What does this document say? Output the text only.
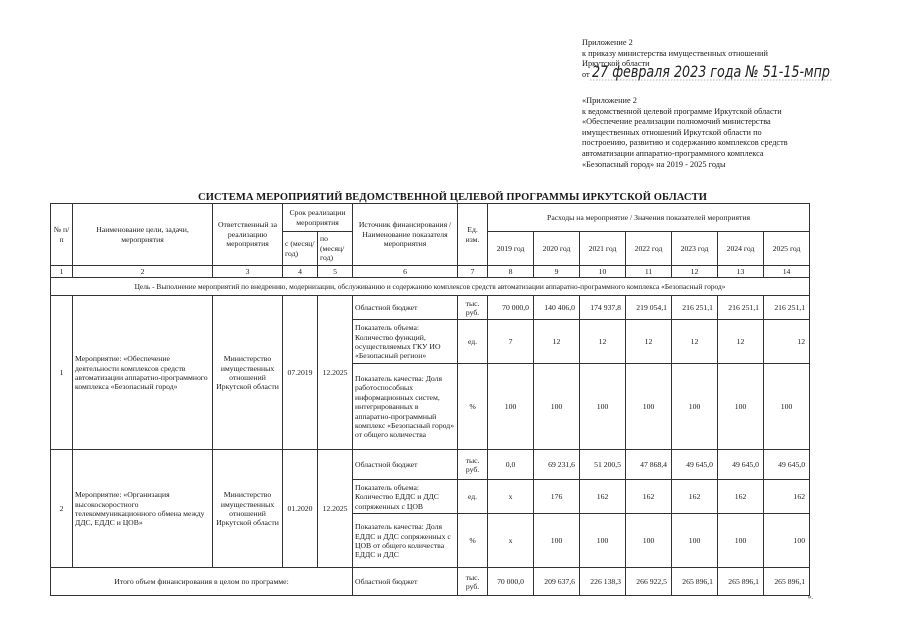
Приложение 2
к приказу министерства имущественных отношений
Иркутской области
от 27 февраля 2023 года № 51-15-мпр
«Приложение 2
к ведомственной целевой программе Иркутской области
«Обеспечение реализации полномочий министерства
имущественных отношений Иркутской области по
построению, развитию и содержанию комплексов средств
автоматизации аппаратно-программного комплекса
«Безопасный город» на 2019 - 2025 годы
СИСТЕМА МЕРОПРИЯТИЙ ВЕДОМСТВЕННОЙ ЦЕЛЕВОЙ ПРОГРАММЫ ИРКУТСКОЙ ОБЛАСТИ
№ п/п	Наименование цели, задачи, мероприятия	Ответственный за реализацию мероприятия	Срок реализации мероприятия		Источник финансирования / Наименование показателя мероприятия	Ед. изм.	Расходы на мероприятие / Значения показателей мероприятия						
			с (месяц/ год)	по (месяц/ год)			2019 год	2020 год	2021 год	2022 год	2023 год	2024 год	2025 год
1	2	3	4	5	6	7	8	9	10	11	12	13	14
Цель - Выполнение мероприятий по внедрению, модернизации, обслуживанию и содержанию комплексов средств автоматизации аппаратно-программного комплекса «Безопасный город»													
1	Мероприятие: «Обеспечение деятельности комплексов средств автоматизации аппаратно-программного комплекса «Безопасный город»	Министерство имущественных отношений Иркутской области	07.2019	12.2025	Областной бюджет	тыс. руб.	70 000,0	140 406,0	174 937,8	219 054,1	216 251,1	216 251,1	216 251,1
					Показатель объема: Количество функций, осуществляемых ГКУ ИО «Безопасный регион»	ед.	7	12	12	12	12	12	12
					Показатель качества: Доля работоспособных информационных систем, интегрированных в аппаратно-программный комплекс «Безопасный город» от общего количества	%	100	100	100	100	100	100	100
2	Мероприятие: «Организация высокоскоростного телекоммуникационного обмена между ДДС, ЕДДС и ЦОВ»	Министерство имущественных отношений Иркутской области	01.2020	12.2025	Областной бюджет	тыс. руб.	0,0	69 231,6	51 200,5	47 868,4	49 645,0	49 645,0	49 645,0
					Показатель объема: Количество ЕДДС и ДДС сопряженных с ЦОВ	ед.	х	176	162	162	162	162	162
					Показатель качества: Доля ЕДДС и ДДС сопряженных с ЦОВ от общего количества ЕДДС и ДДС	%	х	100	100	100	100	100	100
Итого объем финансирования в целом по программе:					Областной бюджет	тыс. руб.	70 000,0	209 637,6	226 138,3	266 922,5	265 896,1	265 896,1	265 896,1
».
